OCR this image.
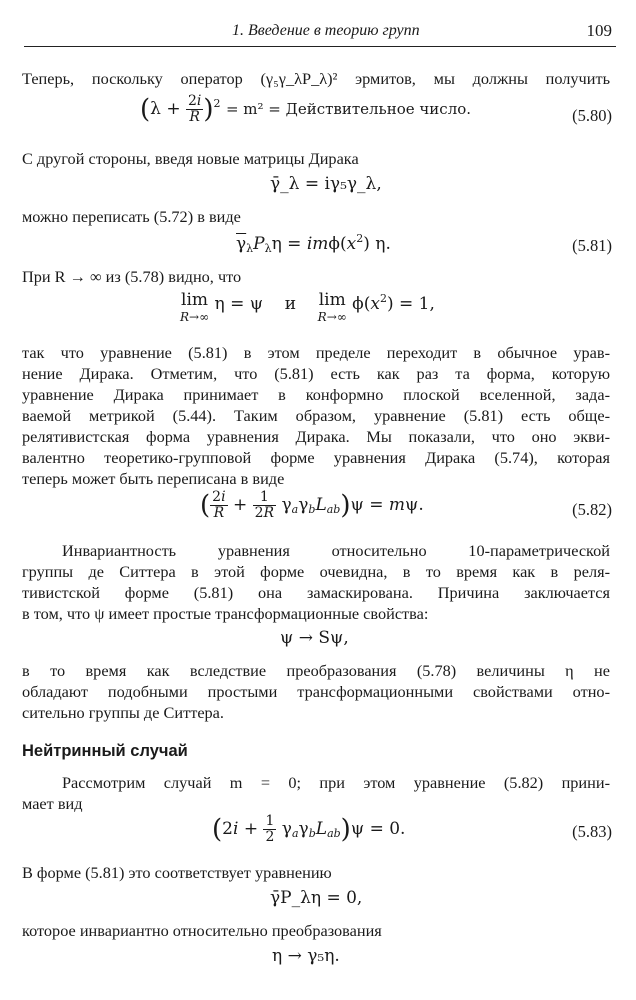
1. Введение в теорию групп	109
Теперь, поскольку оператор (γ₅γ_λP_λ)² эрмитов, мы должны получить
$(\lambda + \frac{2i}{R} )^2 = m^2$ = Действительное число.	(5.80)
С другой стороны, введя новые матрицы Дирака
γ̄_λ = iγ₅γ_λ,
можно переписать (5.72) в виде
$\overline{\gamma}_\lambda P_\lambda\eta = im\phi(x^2)$ η.	(5.81)
При R → ∞ из (5.78) видно, что
lim
R→∞
η = ψ    и    lim
R→∞
$\phi(x^2) = 1$,
так что уравнение (5.81) в этом пределе переходит в обычное урав-
нение Дирака. Отметим, что (5.81) есть как раз та форма, которую
уравнение Дирака принимает в конформно плоской вселенной, зада-
ваемой метрикой (5.44). Таким образом, уравнение (5.81) есть обще-
релятивистская форма уравнения Дирака. Мы показали, что оно экви-
валентно теоретико-групповой форме уравнения Дирака (5.74), которая
теперь может быть переписана в виде
( $\frac{2i}{R} + \frac{1}{2R} \gamma_a\gamma_bL_{ab})\psi = m\psi$.	(5.82)
Инвариантность уравнения относительно 10-параметрической
группы де Ситтера в этой форме очевидна, в то время как в реля-
тивистской форме (5.81) она замаскирована. Причина заключается
в том, что ψ имеет простые трансформационные свойства:
ψ → Sψ,
в то время как вследствие преобразования (5.78) величины η не
обладают подобными простыми трансформационными свойствами отно-
сительно группы де Ситтера.
Нейтринный случай
Рассмотрим случай m = 0; при этом уравнение (5.82) прини-
мает вид
$(2i + \frac{1}{2} \gamma_a\gamma_bL_{ab})\psi = 0$.	(5.83)
В форме (5.81) это соответствует уравнению
γ̄P_λη = 0,
которое инвариантно относительно преобразования
η → γ₅η.
